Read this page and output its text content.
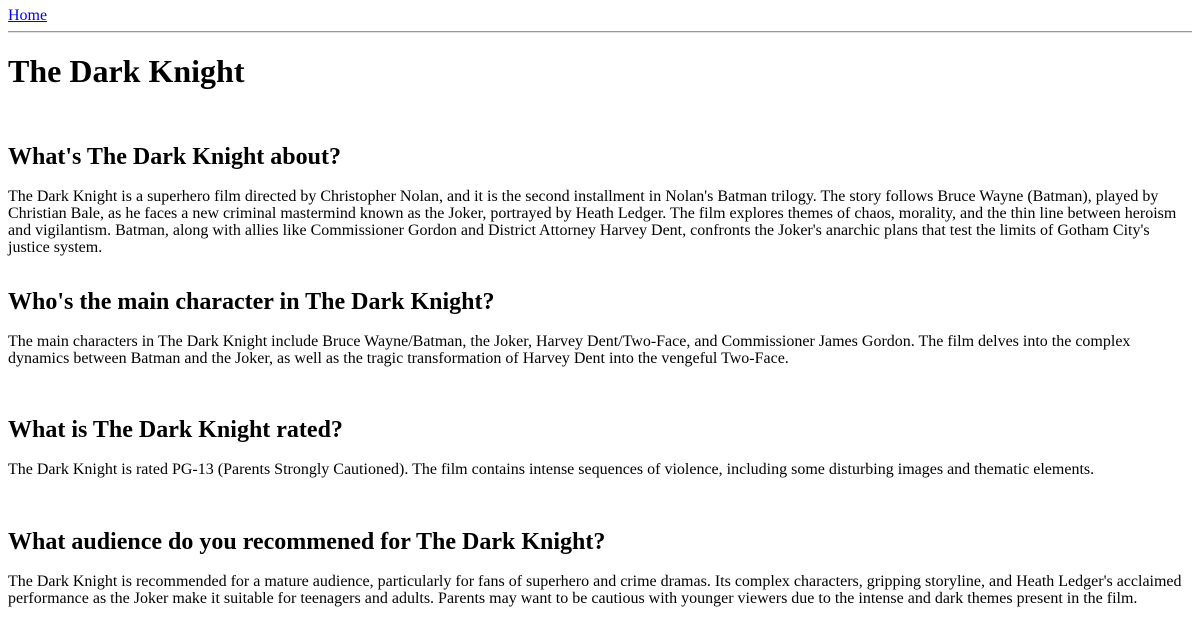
Home
The Dark Knight
What's The Dark Knight about?

The Dark Knight is a superhero film directed by Christopher Nolan, and it is the second installment in Nolan's Batman trilogy. The story follows Bruce Wayne (Batman), played by Christian Bale, as he faces a new criminal mastermind known as the Joker, portrayed by Heath Ledger. The film explores themes of chaos, morality, and the thin line between heroism and vigilantism. Batman, along with allies like Commissioner Gordon and District Attorney Harvey Dent, confronts the Joker's anarchic plans that test the limits of Gotham City's justice system.

Who's the main character in The Dark Knight?

The main characters in The Dark Knight include Bruce Wayne/Batman, the Joker, Harvey Dent/Two-Face, and Commissioner James Gordon. The film delves into the complex dynamics between Batman and the Joker, as well as the tragic transformation of Harvey Dent into the vengeful Two-Face.

What is The Dark Knight rated?

The Dark Knight is rated PG-13 (Parents Strongly Cautioned). The film contains intense sequences of violence, including some disturbing images and thematic elements.

What audience do you recommened for The Dark Knight?

The Dark Knight is recommended for a mature audience, particularly for fans of superhero and crime dramas. Its complex characters, gripping storyline, and Heath Ledger's acclaimed performance as the Joker make it suitable for teenagers and adults. Parents may want to be cautious with younger viewers due to the intense and dark themes present in the film.
